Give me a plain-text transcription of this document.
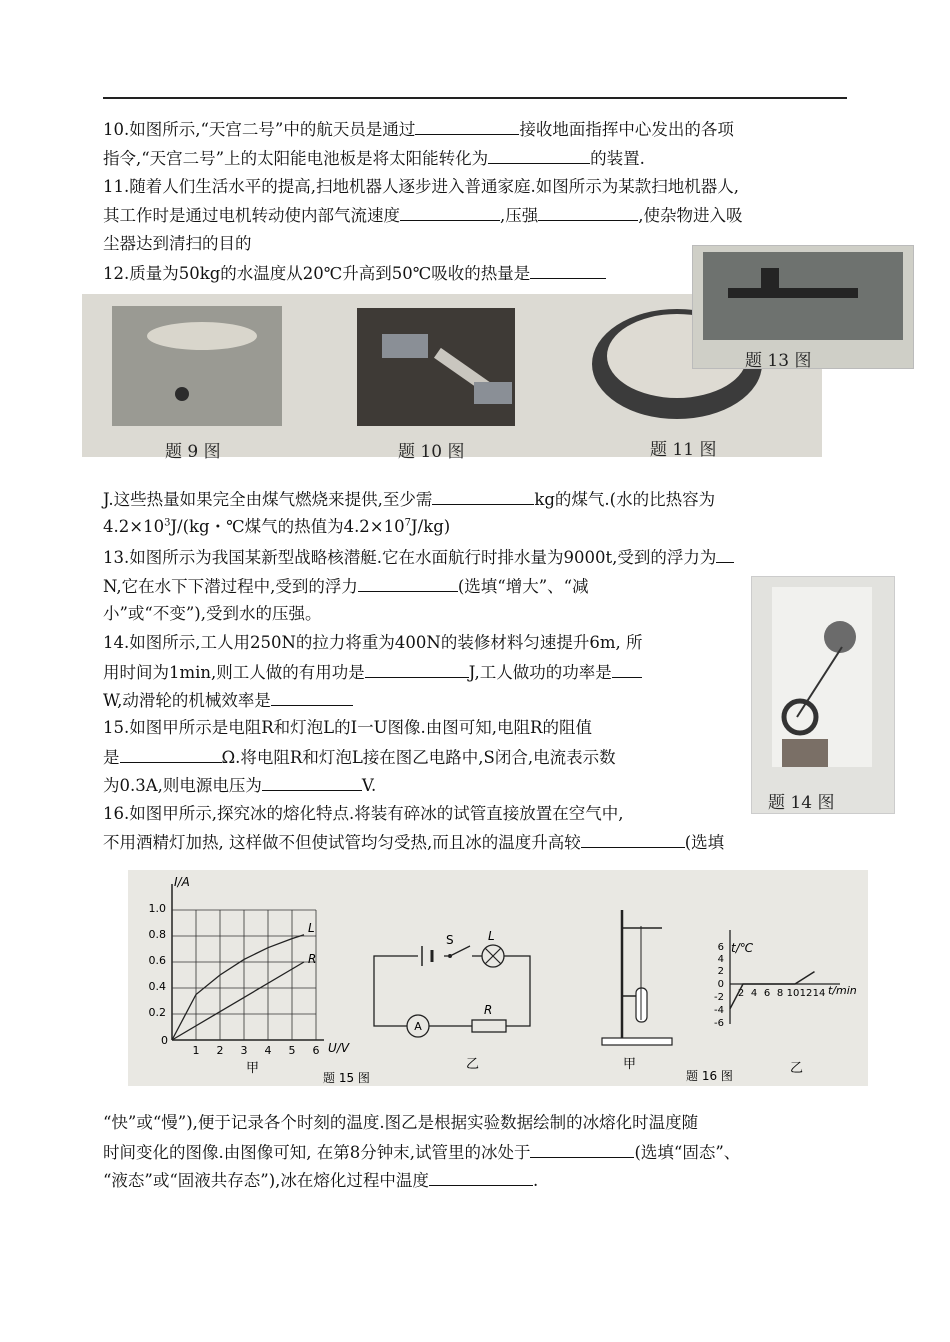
10.如图所示,“天宫二号”中的航天员是通过	接收地面指挥中心发出的各项
指令,“天宫二号”上的太阳能电池板是将太阳能转化为	的装置.
11.随着人们生活水平的提高,扫地机器人逐步进入普通家庭.如图所示为某款扫地机器人,
其工作时是通过电机转动使内部气流速度	,压强	,使杂物进入吸
尘器达到清扫的目的
12.质量为50kg的水温度从20℃升高到50℃吸收的热量是
题 9 图	题 10 图	题 11 图
题 13 图
J.这些热量如果完全由煤气燃烧来提供,至少需	kg的煤气.(水的比热容为
$4.2\times 10^3J/(kg$・℃煤气的热值为$4.2\times 10^7J/kg$)
13.如图所示为我国某新型战略核潜艇.它在水面航行时排水量为9000t,受到的浮力为
N,它在水下下潜过程中,受到的浮力	(选填“增大”、“减
小”或“不变”),受到水的压强。
题 14 图
14.如图所示,工人用250N的拉力将重为400N的装修材料匀速提升6m, 所
用时间为1min,则工人做的有用功是	J,工人做功的功率是
W,动滑轮的机械效率是
15.如图甲所示是电阻R和灯泡L的Ⅰ一U图像.由图可知,电阻R的阻值
是	Ω.将电阻R和灯泡L接在图乙电路中,S闭合,电流表示数
为0.3A,则电源电压为	V.
16.如图甲所示,探究冰的熔化特点.将装有碎冰的试管直接放置在空气中,
不用酒精灯加热, 这样做不但使试管均匀受热,而且冰的温度升高较	(选填
1.0
0.8
0.6
0.4
0.2
0
1 2 3 4 5 6
I/A
U/V
L
R
甲
S	L
A
R
乙
题 15 图
甲
t/℃
t/min
6
4
2
0
-2
-4
-6
2 4 6 8 10 12 14
乙
题 16 图
“快”或“慢”),便于记录各个时刻的温度.图乙是根据实验数据绘制的冰熔化时温度随
时间变化的图像.由图像可知, 在第8分钟末,试管里的冰处于	(选填“固态”、
“液态”或“固液共存态”),冰在熔化过程中温度	.
